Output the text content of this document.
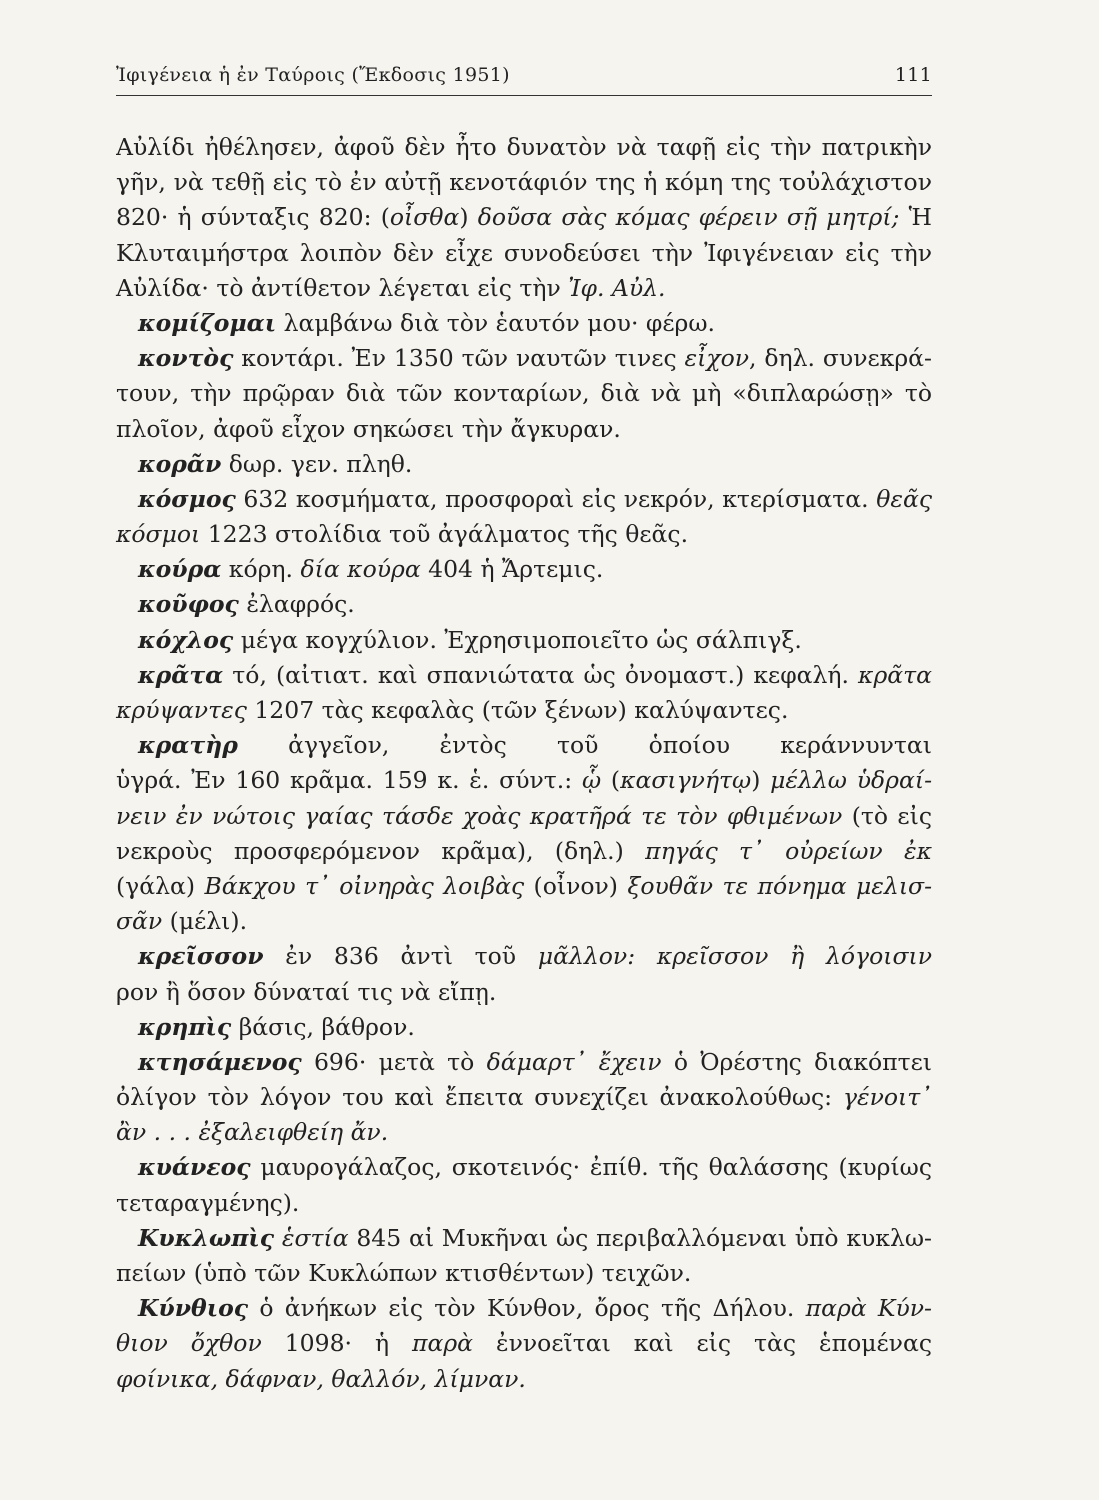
Ἰφιγένεια ἡ ἐν Ταύροις (Ἔκδοσις 1951)	111
Αὐλίδι ἠθέλησεν, ἀφοῦ δὲν ἦτο δυνατὸν νὰ ταφῇ εἰς τὴν πατρικὴν
γῆν, νὰ τεθῇ εἰς τὸ ἐν αὐτῇ κενοτάφιόν της ἡ κόμη της τοὐλάχιστον
820· ἡ σύνταξις 820: (οἶσθα) δοῦσα σὰς κόμας φέρειν σῇ μητρί; Ἡ
Κλυταιμήστρα λοιπὸν δὲν εἶχε συνοδεύσει τὴν Ἰφιγένειαν εἰς τὴν
Αὐλίδα· τὸ ἀντίθετον λέγεται εἰς τὴν Ἰφ. Αὐλ.
κομίζομαι λαμβάνω διὰ τὸν ἑαυτόν μου· φέρω.
κοντὸς κοντάρι. Ἐν 1350 τῶν ναυτῶν τινες εἶχον, δηλ. συνεκρά-
τουν, τὴν πρῷραν διὰ τῶν κονταρίων, διὰ νὰ μὴ «διπλαρώσῃ» τὸ
πλοῖον, ἀφοῦ εἶχον σηκώσει τὴν ἄγκυραν.
κορᾶν δωρ. γεν. πληθ.
κόσμος 632 κοσμήματα, προσφοραὶ εἰς νεκρόν, κτερίσματα. θεᾶς
κόσμοι 1223 στολίδια τοῦ ἀγάλματος τῆς θεᾶς.
κούρα κόρη. δία κούρα 404 ἡ Ἄρτεμις.
κοῦφος ἐλαφρός.
κόχλος μέγα κογχύλιον. Ἐχρησιμοποιεῖτο ὡς σάλπιγξ.
κρᾶτα τό, (αἰτιατ. καὶ σπανιώτατα ὡς ὀνομαστ.) κεφαλή. κρᾶτα
κρύψαντες 1207 τὰς κεφαλὰς (τῶν ξένων) καλύψαντες.
κρατὴρ ἀγγεῖον, ἐντὸς τοῦ ὁποίου κεράννυνται
ὑγρά. Ἐν 160 κρᾶμα. 159 κ. ἑ. σύντ.: ᾧ (κασιγνήτῳ) μέλλω ὑδραί-
νειν ἐν νώτοις γαίας τάσδε χοὰς κρατῆρά τε τὸν φθιμένων (τὸ εἰς
νεκροὺς προσφερόμενον κρᾶμα), (δηλ.) πηγάς τ᾽ οὐρείων ἐκ
(γάλα) Βάκχου τ᾽ οἰνηρὰς λοιβὰς (οἶνον) ξουθᾶν τε πόνημα μελισ-
σᾶν (μέλι).
κρεῖσσον ἐν 836 ἀντὶ τοῦ μᾶλλον: κρεῖσσον ἢ λόγοισιν
ρον ἢ ὅσον δύναταί τις νὰ εἴπῃ.
κρηπὶς βάσις, βάθρον.
κτησάμενος 696· μετὰ τὸ δάμαρτ᾽ ἔχειν ὁ Ὀρέστης διακόπτει
ὀλίγον τὸν λόγον του καὶ ἔπειτα συνεχίζει ἀνακολούθως: γένοιτ᾽
ἂν . . . ἐξαλειφθείη ἄν.
κυάνεος μαυρογάλαζος, σκοτεινός· ἐπίθ. τῆς θαλάσσης (κυρίως
τεταραγμένης).
Κυκλωπὶς ἑστία 845 αἱ Μυκῆναι ὡς περιβαλλόμεναι ὑπὸ κυκλω-
πείων (ὑπὸ τῶν Κυκλώπων κτισθέντων) τειχῶν.
Κύνθιος ὁ ἀνήκων εἰς τὸν Κύνθον, ὄρος τῆς Δήλου. παρὰ Κύν-
θιον ὄχθον 1098· ἡ παρὰ ἐννοεῖται καὶ εἰς τὰς ἑπομένας
φοίνικα, δάφναν, θαλλόν, λίμναν.
